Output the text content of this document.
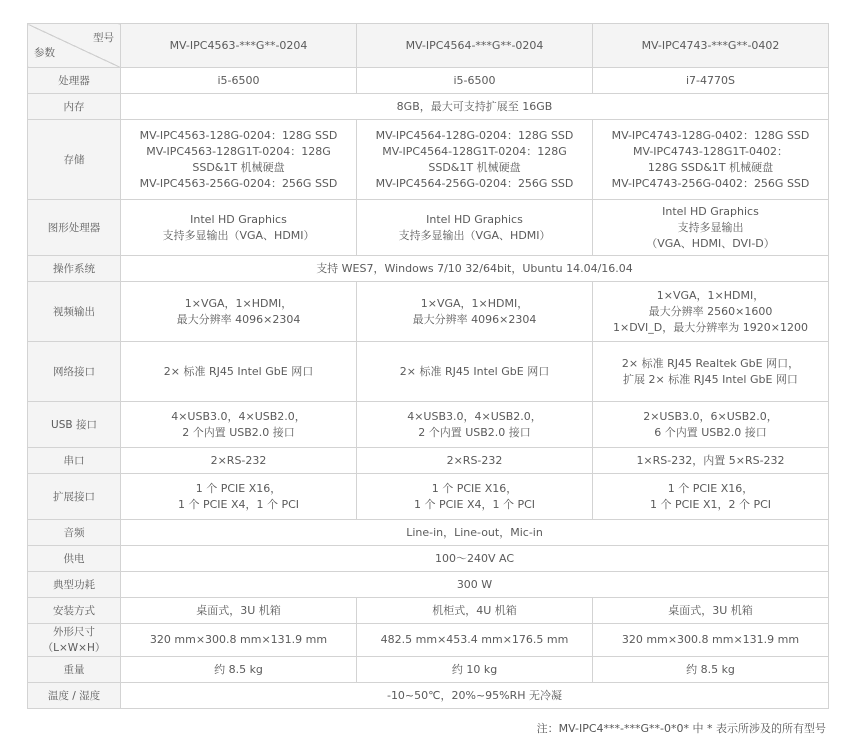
型号
参数	MV-IPC4563-***G**-0204	MV-IPC4564-***G**-0204	MV-IPC4743-***G**-0402

处理器	i5-6500	i5-6500	i7-4770S

内存	8GB，最大可支持扩展至 16GB		

存储	MV-IPC4563-128G-0204：128G SSD
MV-IPC4563-128G1T-0204：128G
SSD&1T 机械硬盘
MV-IPC4563-256G-0204：256G SSD	MV-IPC4564-128G-0204：128G SSD
MV-IPC4564-128G1T-0204：128G
SSD&1T 机械硬盘
MV-IPC4564-256G-0204：256G SSD	MV-IPC4743-128G-0402：128G SSD
MV-IPC4743-128G1T-0402：
128G SSD&1T 机械硬盘
MV-IPC4743-256G-0402：256G SSD

图形处理器	Intel HD Graphics
支持多显输出（VGA、HDMI）	Intel HD Graphics
支持多显输出（VGA、HDMI）	Intel HD Graphics
支持多显输出
（VGA、HDMI、DVI-D）

操作系统	支持 WES7，Windows 7/10 32/64bit，Ubuntu 14.04/16.04		

视频输出	1×VGA，1×HDMI，
最大分辨率 4096×2304	1×VGA，1×HDMI，
最大分辨率 4096×2304	1×VGA，1×HDMI，
最大分辨率 2560×1600
1×DVI_D，最大分辨率为 1920×1200

网络接口	2× 标准 RJ45 Intel GbE 网口	2× 标准 RJ45 Intel GbE 网口	2× 标准 RJ45 Realtek GbE 网口，
扩展 2× 标准 RJ45 Intel GbE 网口

USB 接口	4×USB3.0，4×USB2.0，
2 个内置 USB2.0 接口	4×USB3.0，4×USB2.0，
2 个内置 USB2.0 接口	2×USB3.0，6×USB2.0，
6 个内置 USB2.0 接口

串口	2×RS-232	2×RS-232	1×RS-232，内置 5×RS-232

扩展接口	1 个 PCIE X16，
1 个 PCIE X4，1 个 PCI	1 个 PCIE X16，
1 个 PCIE X4，1 个 PCI	1 个 PCIE X16，
1 个 PCIE X1，2 个 PCI

音频	Line-in，Line-out，Mic-in		

供电	100～240V AC		

典型功耗	300 W		

安装方式	桌面式，3U 机箱	机柜式，4U 机箱	桌面式，3U 机箱

外形尺寸
（L×W×H）	320 mm×300.8 mm×131.9 mm	482.5 mm×453.4 mm×176.5 mm	320 mm×300.8 mm×131.9 mm

重量	约 8.5 kg	约 10 kg	约 8.5 kg

温度 / 湿度	-10~50℃，20%~95%RH 无冷凝		
注：MV-IPC4***-***G**-0*0* 中 * 表示所涉及的所有型号
